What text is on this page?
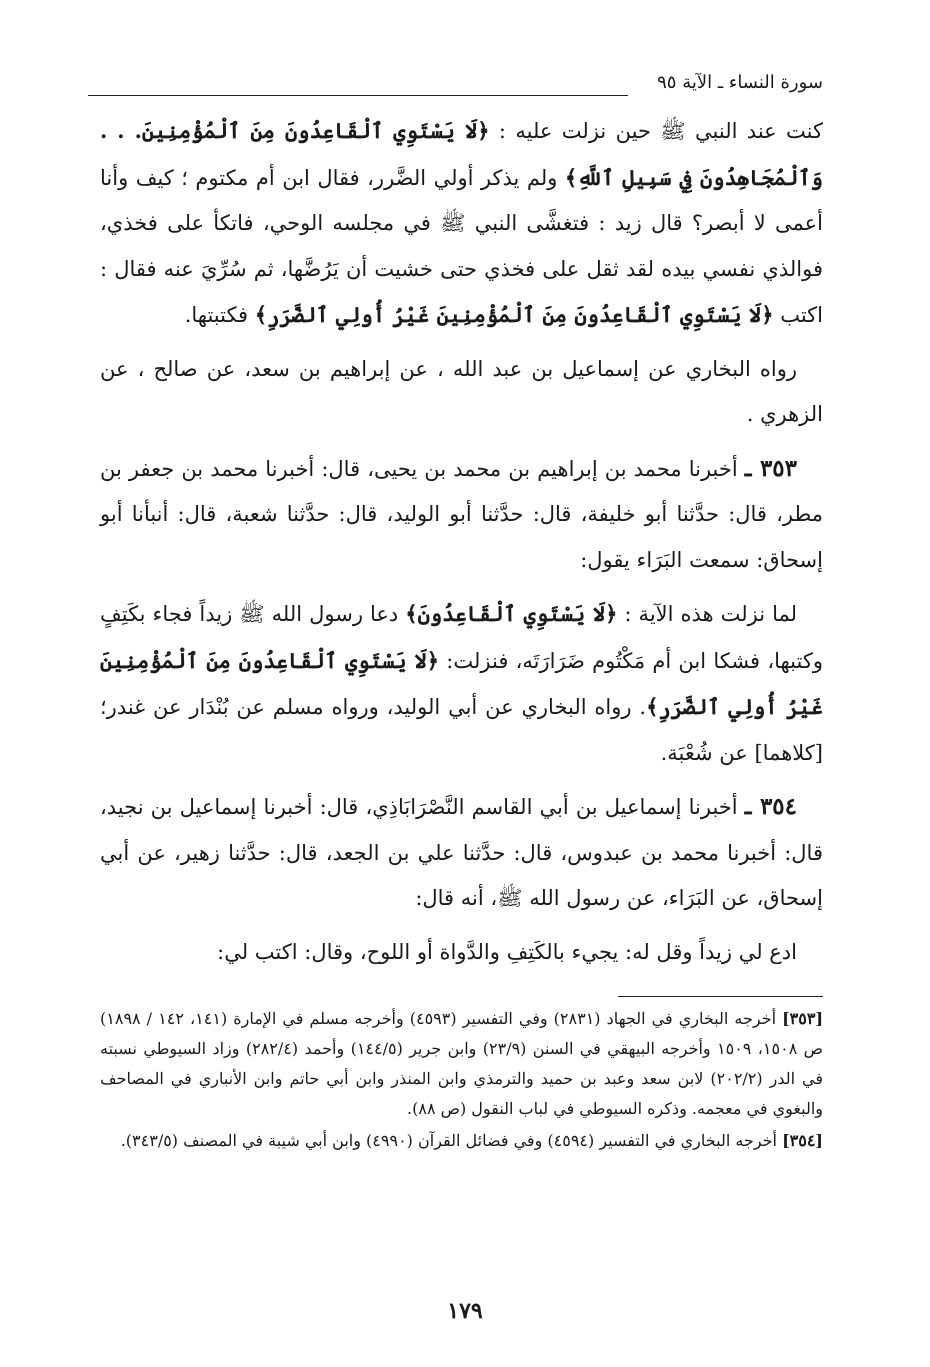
سورة النساء ـ الآية ٩٥

كنت عند النبي ﷺ حين نزلت عليه : ﴿لَا يَسْتَوِي ٱلْقَاعِدُونَ مِنَ ٱلْمُؤْمِنِينَ. . . وَٱلْمُجَاهِدُونَ فِي سَبِيلِ ٱللَّهِ﴾ ولم يذكر أولي الضَّرر، فقال ابن أم مكتوم ؛ كيف وأنا أعمى لا أبصر؟ قال زيد : فتغشَّى النبي ﷺ في مجلسه الوحي، فاتكأ على فخذي، فوالذي نفسي بيده لقد ثقل على فخذي حتى خشيت أن يَرُضَّها، ثم سُرِّيَ عنه فقال : اكتب ﴿لَا يَسْتَوِي ٱلْقَاعِدُونَ مِنَ ٱلْمُؤْمِنِينَ غَيْرُ أُولِي ٱلضَّرَرِ﴾ فكتبتها.

رواه البخاري عن إسماعيل بن عبد الله ، عن إبراهيم بن سعد، عن صالح ، عن الزهري .

٣٥٣ ـ أخبرنا محمد بن إبراهيم بن محمد بن يحيى، قال: أخبرنا محمد بن جعفر بن مطر، قال: حدَّثنا أبو خليفة، قال: حدَّثنا أبو الوليد، قال: حدَّثنا شعبة، قال: أنبأنا أبو إسحاق: سمعت البَرَاء يقول:

لما نزلت هذه الآية : ﴿لَا يَسْتَوِي ٱلْقَاعِدُونَ﴾ دعا رسول الله ﷺ زيداً فجاء بكَتِفٍ وكتبها، فشكا ابن أم مَكْتُوم ضَرَارَتَه، فنزلت: ﴿لَا يَسْتَوِي ٱلْقَاعِدُونَ مِنَ ٱلْمُؤْمِنِينَ غَيْرُ أُولِي ٱلضَّرَرِ﴾. رواه البخاري عن أبي الوليد، ورواه مسلم عن بُنْدَار عن غندر؛ [كلاهما] عن شُعْبَة.

٣٥٤ ـ أخبرنا إسماعيل بن أبي القاسم النَّصْرَابَاذِي، قال: أخبرنا إسماعيل بن نجيد، قال: أخبرنا محمد بن عبدوس، قال: حدَّثنا علي بن الجعد، قال: حدَّثنا زهير، عن أبي إسحاق، عن البَرَاء، عن رسول الله ﷺ، أنه قال:

ادع لي زيداً وقل له: يجيء بالكَتِفِ والدَّواة أو اللوح، وقال: اكتب لي:

[٣٥٣] أخرجه البخاري في الجهاد (٢٨٣١) وفي التفسير (٤٥٩٣) وأخرجه مسلم في الإمارة (١٤١، ١٤٢ / ١٨٩٨) ص ١٥٠٨، ١٥٠٩ وأخرجه البيهقي في السنن (٢٣/٩) وابن جرير (١٤٤/٥) وأحمد (٢٨٢/٤) وزاد السيوطي نسبته في الدر (٢٠٢/٢) لابن سعد وعبد بن حميد والترمذي وابن المنذر وابن أبي حاتم وابن الأنباري في المصاحف والبغوي في معجمه. وذكره السيوطي في لباب النقول (ص ٨٨).

[٣٥٤] أخرجه البخاري في التفسير (٤٥٩٤) وفي فضائل القرآن (٤٩٩٠) وابن أبي شيبة في المصنف (٣٤٣/٥).

١٧٩
